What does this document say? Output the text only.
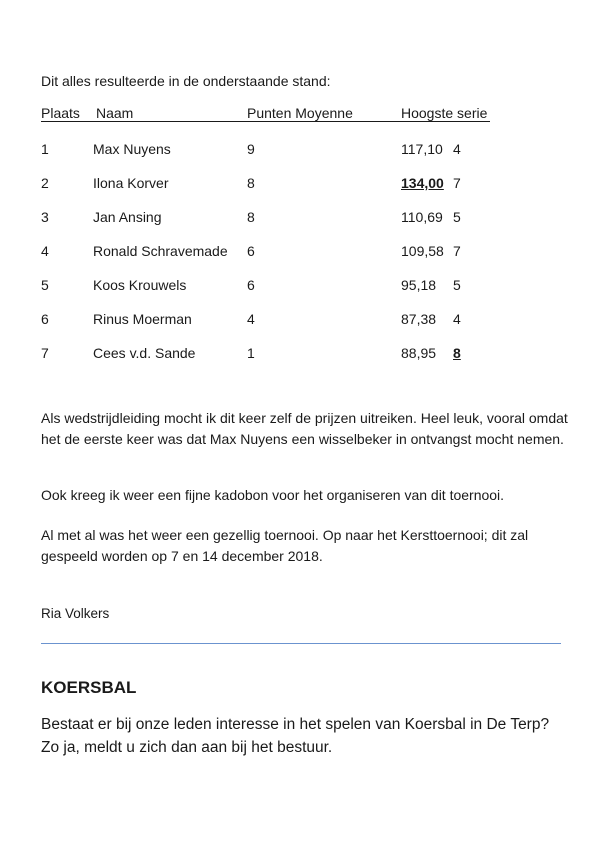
Dit alles resulteerde in de onderstaande stand:
Plaats Naam	Punten Moyenne	Hoogste serie
1	Max Nuyens	9	117,10 4
2	Ilona Korver	8	134,00 7
3	Jan Ansing	8	110,69 5
4	Ronald Schravemade 6	109,58 7
5	Koos Krouwels	6	95,18 5
6	Rinus Moerman	4	87,38 4
7	Cees v.d. Sande	1	88,95 8
Als wedstrijdleiding mocht ik dit keer zelf de prijzen uitreiken. Heel leuk, vooral omdat het de eerste keer was dat Max Nuyens een wisselbeker in ontvangst mocht nemen.
Ook kreeg ik weer een fijne kadobon voor het organiseren van dit toernooi.
Al met al was het weer een gezellig toernooi. Op naar het Kersttoernooi; dit zal gespeeld worden op 7 en 14 december 2018.
Ria Volkers
KOERSBAL
Bestaat er bij onze leden interesse in het spelen van Koersbal in De Terp? Zo ja, meldt u zich dan aan bij het bestuur.
